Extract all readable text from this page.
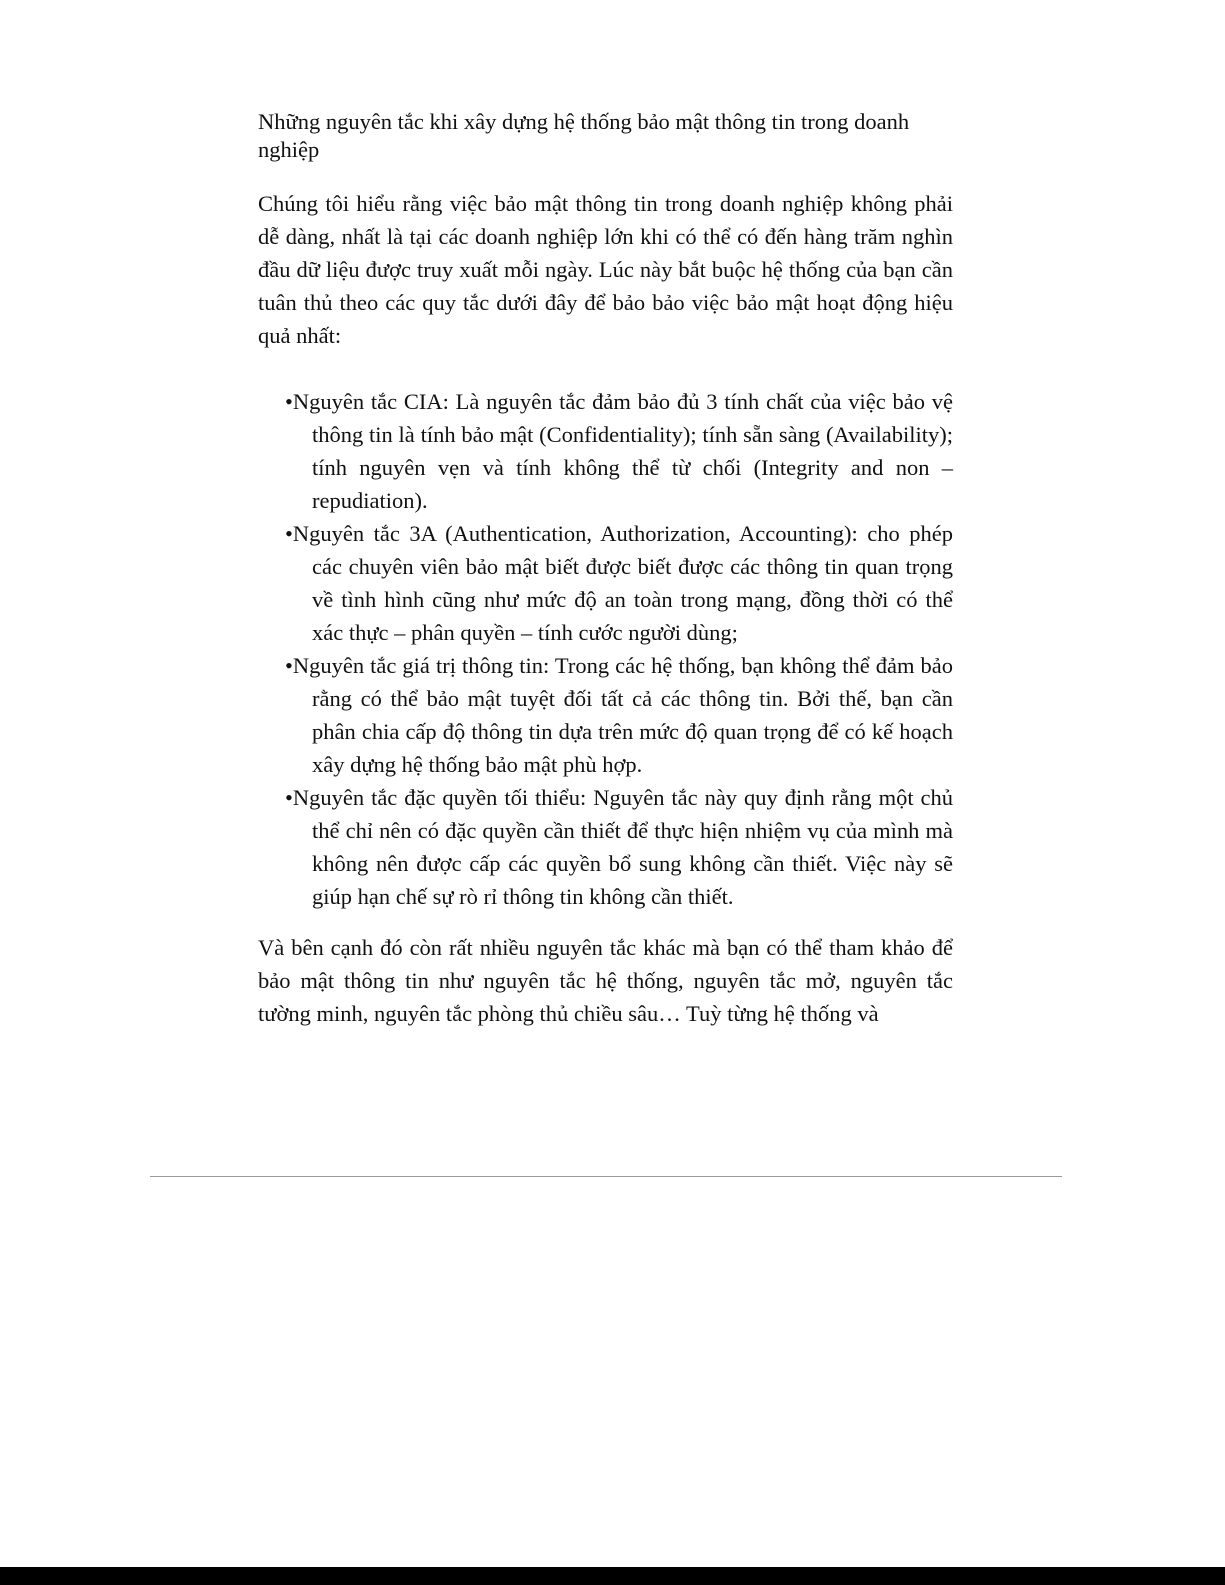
Những nguyên tắc khi xây dựng hệ thống bảo mật thông tin trong doanh nghiệp

Chúng tôi hiểu rằng việc bảo mật thông tin trong doanh nghiệp không phải dễ dàng, nhất là tại các doanh nghiệp lớn khi có thể có đến hàng trăm nghìn đầu dữ liệu được truy xuất mỗi ngày. Lúc này bắt buộc hệ thống của bạn cần tuân thủ theo các quy tắc dưới đây để bảo bảo việc bảo mật hoạt động hiệu quả nhất:

•Nguyên tắc CIA: Là nguyên tắc đảm bảo đủ 3 tính chất của việc bảo vệ thông tin là tính bảo mật (Confidentiality); tính sẵn sàng (Availability); tính nguyên vẹn và tính không thể từ chối (Integrity and non – repudiation).
•Nguyên tắc 3A (Authentication, Authorization, Accounting): cho phép các chuyên viên bảo mật biết được biết được các thông tin quan trọng về tình hình cũng như mức độ an toàn trong mạng, đồng thời có thể xác thực – phân quyền – tính cước người dùng;
•Nguyên tắc giá trị thông tin: Trong các hệ thống, bạn không thể đảm bảo rằng có thể bảo mật tuyệt đối tất cả các thông tin. Bởi thế, bạn cần phân chia cấp độ thông tin dựa trên mức độ quan trọng để có kế hoạch xây dựng hệ thống bảo mật phù hợp.
•Nguyên tắc đặc quyền tối thiểu: Nguyên tắc này quy định rằng một chủ thể chỉ nên có đặc quyền cần thiết để thực hiện nhiệm vụ của mình mà không nên được cấp các quyền bổ sung không cần thiết. Việc này sẽ giúp hạn chế sự rò rỉ thông tin không cần thiết.

Và bên cạnh đó còn rất nhiều nguyên tắc khác mà bạn có thể tham khảo để bảo mật thông tin như nguyên tắc hệ thống, nguyên tắc mở, nguyên tắc tường minh, nguyên tắc phòng thủ chiều sâu… Tuỳ từng hệ thống và
